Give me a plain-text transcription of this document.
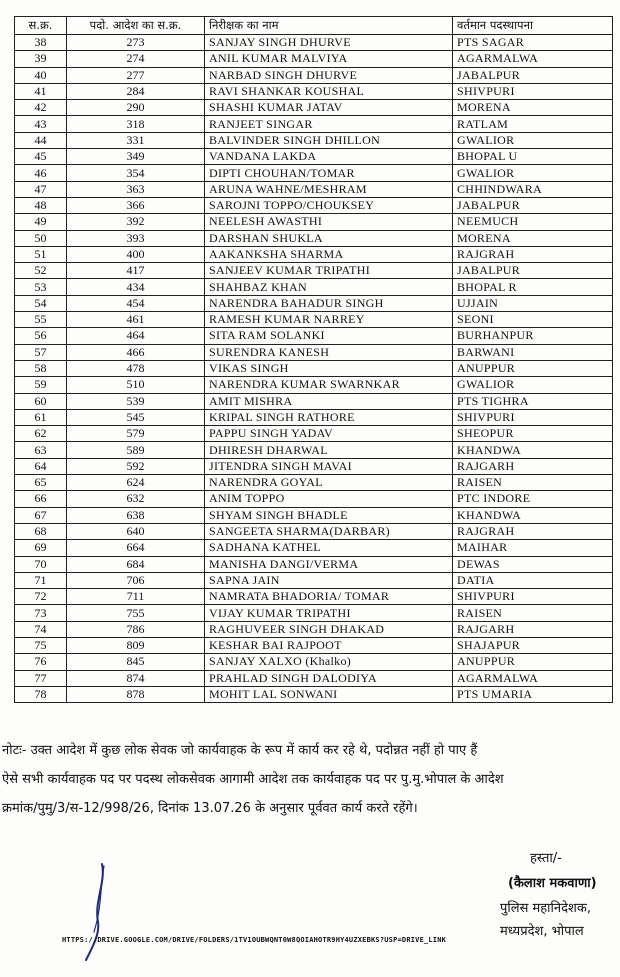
स.क्र.	पदो. आदेश का स.क्र.	निरीक्षक का नाम	वर्तमान पदस्थापना
38	273	SANJAY SINGH DHURVE	PTS SAGAR
39	274	ANIL KUMAR MALVIYA	AGARMALWA
40	277	NARBAD SINGH DHURVE	JABALPUR
41	284	RAVI SHANKAR KOUSHAL	SHIVPURI
42	290	SHASHI KUMAR JATAV	MORENA
43	318	RANJEET SINGAR	RATLAM
44	331	BALVINDER SINGH DHILLON	GWALIOR
45	349	VANDANA LAKDA	BHOPAL U
46	354	DIPTI CHOUHAN/TOMAR	GWALIOR
47	363	ARUNA WAHNE/MESHRAM	CHHINDWARA
48	366	SAROJNI TOPPO/CHOUKSEY	JABALPUR
49	392	NEELESH AWASTHI	NEEMUCH
50	393	DARSHAN SHUKLA	MORENA
51	400	AAKANKSHA SHARMA	RAJGRAH
52	417	SANJEEV KUMAR TRIPATHI	JABALPUR
53	434	SHAHBAZ KHAN	BHOPAL R
54	454	NARENDRA BAHADUR SINGH	UJJAIN
55	461	RAMESH KUMAR NARREY	SEONI
56	464	SITA RAM SOLANKI	BURHANPUR
57	466	SURENDRA KANESH	BARWANI
58	478	VIKAS SINGH	ANUPPUR
59	510	NARENDRA KUMAR SWARNKAR	GWALIOR
60	539	AMIT MISHRA	PTS TIGHRA
61	545	KRIPAL SINGH RATHORE	SHIVPURI
62	579	PAPPU SINGH YADAV	SHEOPUR
63	589	DHIRESH DHARWAL	KHANDWA
64	592	JITENDRA SINGH MAVAI	RAJGARH
65	624	NARENDRA GOYAL	RAISEN
66	632	ANIM TOPPO	PTC INDORE
67	638	SHYAM SINGH BHADLE	KHANDWA
68	640	SANGEETA SHARMA(DARBAR)	RAJGRAH
69	664	SADHANA KATHEL	MAIHAR
70	684	MANISHA DANGI/VERMA	DEWAS
71	706	SAPNA JAIN	DATIA
72	711	NAMRATA BHADORIA/ TOMAR	SHIVPURI
73	755	VIJAY KUMAR TRIPATHI	RAISEN
74	786	RAGHUVEER SINGH DHAKAD	RAJGARH
75	809	KESHAR BAI RAJPOOT	SHAJAPUR
76	845	SANJAY XALXO (Khalko)	ANUPPUR
77	874	PRAHLAD SINGH DALODIYA	AGARMALWA
78	878	MOHIT LAL SONWANI	PTS UMARIA
नोटः- उक्त आदेश में कुछ लोक सेवक जो कार्यवाहक के रूप में कार्य कर रहे थे, पदोन्नत नहीं हो पाए हैं
ऐसे सभी कार्यवाहक पद पर पदस्थ लोकसेवक आगामी आदेश तक कार्यवाहक पद पर पु.मु.भोपाल के आदेश
क्रमांक/पुमु/3/स-12/998/26, दिनांक 13.07.26 के अनुसार पूर्ववत कार्य करते रहेंगे।
हस्ता/-
(कैलाश मकवाणा)
पुलिस महानिदेशक,
मध्यप्रदेश, भोपाल
HTTPS://DRIVE.GOOGLE.COM/DRIVE/FOLDERS/1TV1OUBWQNT0W8QOIAHOTR9HY4UZXEBKS?USP=DRIVE_LINK
